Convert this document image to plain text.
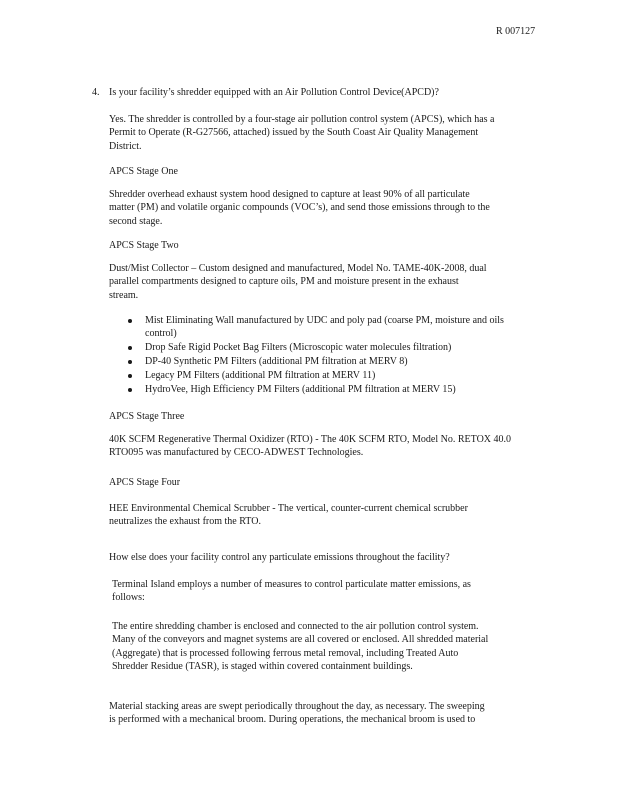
R 007127
4. Is your facility’s shredder equipped with an Air Pollution Control Device(APCD)?
Yes. The shredder is controlled by a four-stage air pollution control system (APCS), which has a
Permit to Operate (R-G27566, attached) issued by the South Coast Air Quality Management
District.
APCS Stage One
Shredder overhead exhaust system hood designed to capture at least 90% of all particulate
matter (PM) and volatile organic compounds (VOC’s), and send those emissions through to the
second stage.
APCS Stage Two
Dust/Mist Collector – Custom designed and manufactured, Model No. TAME-40K-2008, dual
parallel compartments designed to capture oils, PM and moisture present in the exhaust
stream.
Mist Eliminating Wall manufactured by UDC and poly pad (coarse PM, moisture and oils
control)
Drop Safe Rigid Pocket Bag Filters (Microscopic water molecules filtration)
DP-40 Synthetic PM Filters (additional PM filtration at MERV 8)
Legacy PM Filters (additional PM filtration at MERV 11)
HydroVee, High Efficiency PM Filters (additional PM filtration at MERV 15)
APCS Stage Three
40K SCFM Regenerative Thermal Oxidizer (RTO) - The 40K SCFM RTO, Model No. RETOX 40.0
RTO095 was manufactured by CECO-ADWEST Technologies.
APCS Stage Four
HEE Environmental Chemical Scrubber - The vertical, counter-current chemical scrubber
neutralizes the exhaust from the RTO.
How else does your facility control any particulate emissions throughout the facility?
Terminal Island employs a number of measures to control particulate matter emissions, as
follows:
The entire shredding chamber is enclosed and connected to the air pollution control system.
Many of the conveyors and magnet systems are all covered or enclosed. All shredded material
(Aggregate) that is processed following ferrous metal removal, including Treated Auto
Shredder Residue (TASR), is staged within covered containment buildings.
Material stacking areas are swept periodically throughout the day, as necessary. The sweeping
is performed with a mechanical broom. During operations, the mechanical broom is used to
